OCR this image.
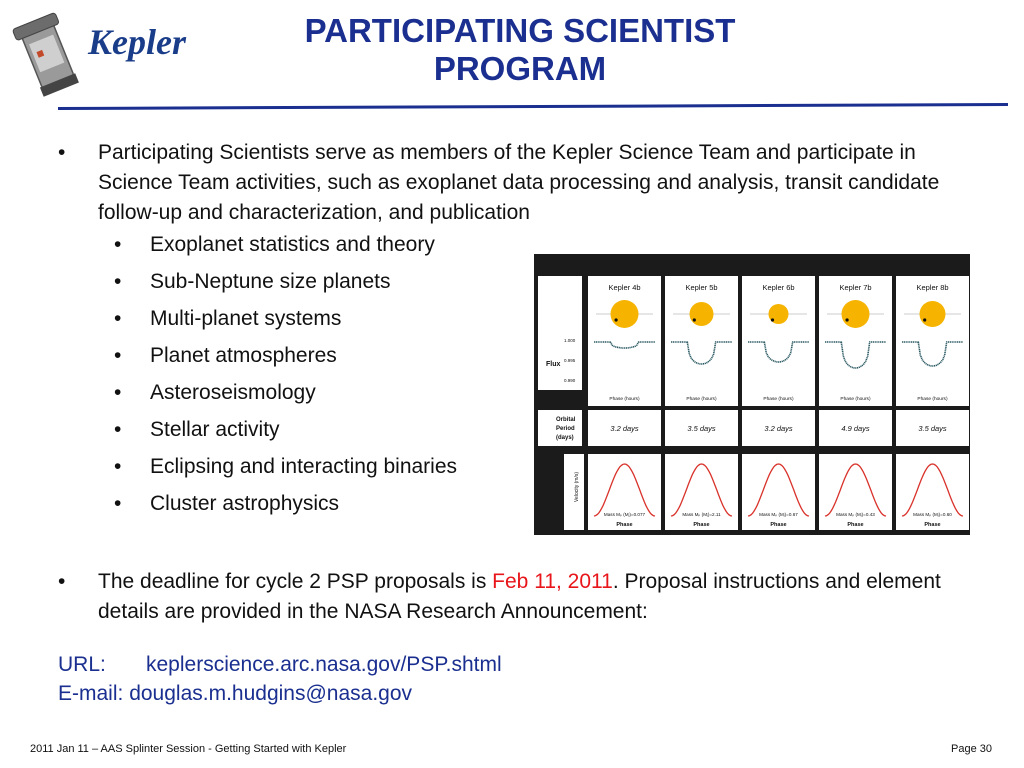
Kepler	PARTICIPATING SCIENTIST
PROGRAM
• Participating Scientists serve as members of the Kepler Science Team and participate in Science Team activities, such as exoplanet data processing and analysis, transit candidate follow-up and characterization, and publication
• Exoplanet statistics and theory
• Sub-Neptune size planets
• Multi-planet systems
• Planet atmospheres
• Asteroseismology
• Stellar activity
• Eclipsing and interacting binaries
• Cluster astrophysics
• The deadline for cycle 2 PSP proposals is Feb 11, 2011. Proposal instructions and element details are provided in the NASA Research Announcement:
URL: keplerscience.arc.nasa.gov/PSP.shtml
E-mail: douglas.m.hudgins@nasa.gov
Flux
1.000
0.995
0.990
Orbital
Period
(days)
Velocity (m/s)
Kepler 4b
Phase (hours)
3.2 days
Mass Mₚ (Mⱼ)=0.077
Phase
Kepler 5b
Phase (hours)
3.5 days
Mass Mₚ (Mⱼ)=2.11
Phase
Kepler 6b
Phase (hours)
3.2 days
Mass Mₚ (Mⱼ)=0.67
Phase
Kepler 7b
Phase (hours)
4.9 days
Mass Mₚ (Mⱼ)=0.43
Phase
Kepler 8b
Phase (hours)
3.5 days
Mass Mₚ (Mⱼ)=0.60
Phase
2011 Jan 11 – AAS Splinter Session - Getting Started with Kepler	Page 30
